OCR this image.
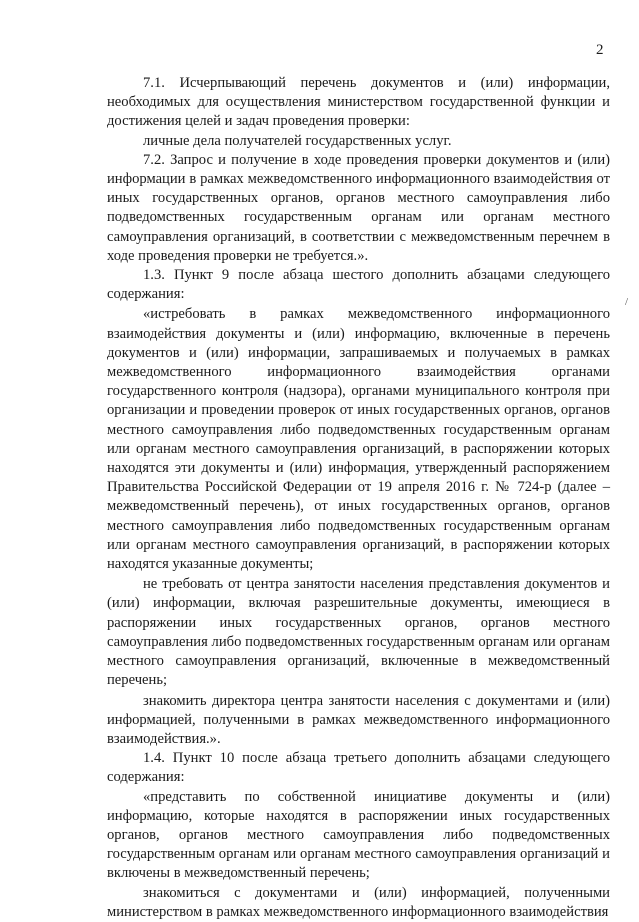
2

7.1. Исчерпывающий перечень документов и (или) информации, необходимых для осуществления министерством государственной функции и достижения целей и задач проведения проверки:

личные дела получателей государственных услуг.

7.2. Запрос и получение в ходе проведения проверки документов и (или) информации в рамках межведомственного информационного взаимодействия от иных государственных органов, органов местного самоуправления либо подведомственных государственным органам или органам местного самоуправления организаций, в соответствии с межведомственным перечнем в ходе проведения проверки не требуется.».

1.3. Пункт 9 после абзаца шестого дополнить абзацами следующего содержания:

«истребовать в рамках межведомственного информационного взаимодействия документы и (или) информацию, включенные в перечень документов и (или) информации, запрашиваемых и получаемых в рамках межведомственного информационного взаимодействия органами государственного контроля (надзора), органами муниципального контроля при организации и проведении проверок от иных государственных органов, органов местного самоуправления либо подведомственных государственным органам или органам местного самоуправления организаций, в распоряжении которых находятся эти документы и (или) информация, утвержденный распоряжением Правительства Российской Федерации от 19 апреля 2016 г. № 724-р (далее – межведомственный перечень), от иных государственных органов, органов местного самоуправления либо подведомственных государственным органам или органам местного самоуправления организаций, в распоряжении которых находятся указанные документы;

не требовать от центра занятости населения представления документов и (или) информации, включая разрешительные документы, имеющиеся в распоряжении иных государственных органов, органов местного самоуправления либо подведомственных государственным органам или органам местного самоуправления организаций, включенные в межведомственный перечень;

знакомить директора центра занятости населения с документами и (или) информацией, полученными в рамках межведомственного информационного взаимодействия.».

1.4. Пункт 10 после абзаца третьего дополнить абзацами следующего содержания:

«представить по собственной инициативе документы и (или) информацию, которые находятся в распоряжении иных государственных органов, органов местного самоуправления либо подведомственных государственным органам или органам местного самоуправления организаций и включены в межведомственный перечень;

знакомиться с документами и (или) информацией, полученными министерством в рамках межведомственного информационного взаимодействия

/
